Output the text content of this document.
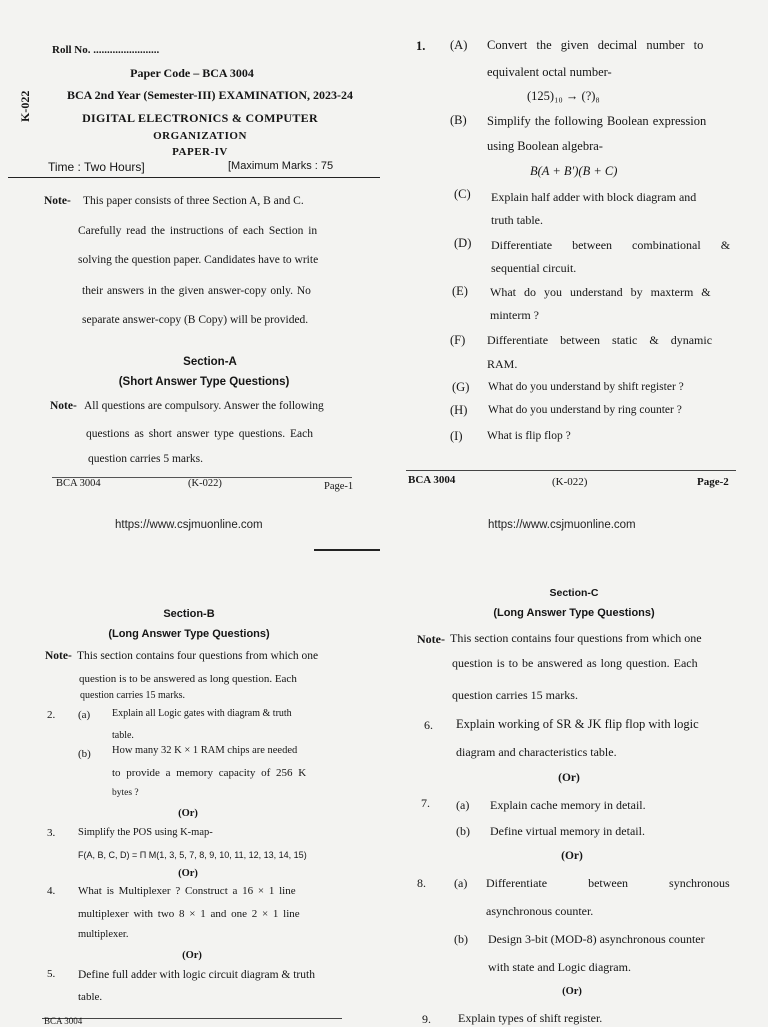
Roll No. ........................
Paper Code – BCA 3004
BCA 2nd Year (Semester-III) EXAMINATION, 2023-24
DIGITAL ELECTRONICS & COMPUTER
ORGANIZATION
PAPER-IV
K-022
Time : Two Hours]	[Maximum Marks : 75
Note- This paper consists of three Section A, B and C.
Carefully read the instructions of each Section in
solving the question paper. Candidates have to write
their answers in the given answer-copy only. No
separate answer-copy (B Copy) will be provided.
Section-A
(Short Answer Type Questions)
Note- All questions are compulsory. Answer the following
questions as short answer type questions. Each
question carries 5 marks.
BCA 3004	(K-022)	Page-1
https://www.csjmuonline.com
1. (A) Convert the given decimal number to
equivalent octal number-
(125)₁₀ → (?)₈
(B) Simplify the following Boolean expression
using Boolean algebra-
B(A + B′)(B + C)
(C) Explain half adder with block diagram and
truth table.
(D) Differentiate between combinational &
sequential circuit.
(E) What do you understand by maxterm &
minterm ?
(F) Differentiate between static & dynamic
RAM.
(G) What do you understand by shift register ?
(H) What do you understand by ring counter ?
(I) What is flip flop ?
BCA 3004	(K-022)	Page-2
https://www.csjmuonline.com
Section-B
(Long Answer Type Questions)
Note- This section contains four questions from which one
question is to be answered as long question. Each
question carries 15 marks.
2. (a) Explain all Logic gates with diagram & truth
table.
(b) How many 32 K × 1 RAM chips are needed
to provide a memory capacity of 256 K
bytes ?
(Or)
3. Simplify the POS using K-map-
F(A, B, C, D) = Π M(1, 3, 5, 7, 8, 9, 10, 11, 12, 13, 14, 15)
(Or)
4. What is Multiplexer ? Construct a 16 × 1 line
multiplexer with two 8 × 1 and one 2 × 1 line
multiplexer.
(Or)
5. Define full adder with logic circuit diagram & truth
table.
BCA 3004
Section-C
(Long Answer Type Questions)
Note- This section contains four questions from which one
question is to be answered as long question. Each
question carries 15 marks.
6. Explain working of SR & JK flip flop with logic
diagram and characteristics table.
(Or)
7. (a) Explain cache memory in detail.
(b) Define virtual memory in detail.
(Or)
8. (a) Differentiate between synchronous
asynchronous counter.
(b) Design 3-bit (MOD-8) asynchronous counter
with state and Logic diagram.
(Or)
9. Explain types of shift register.
